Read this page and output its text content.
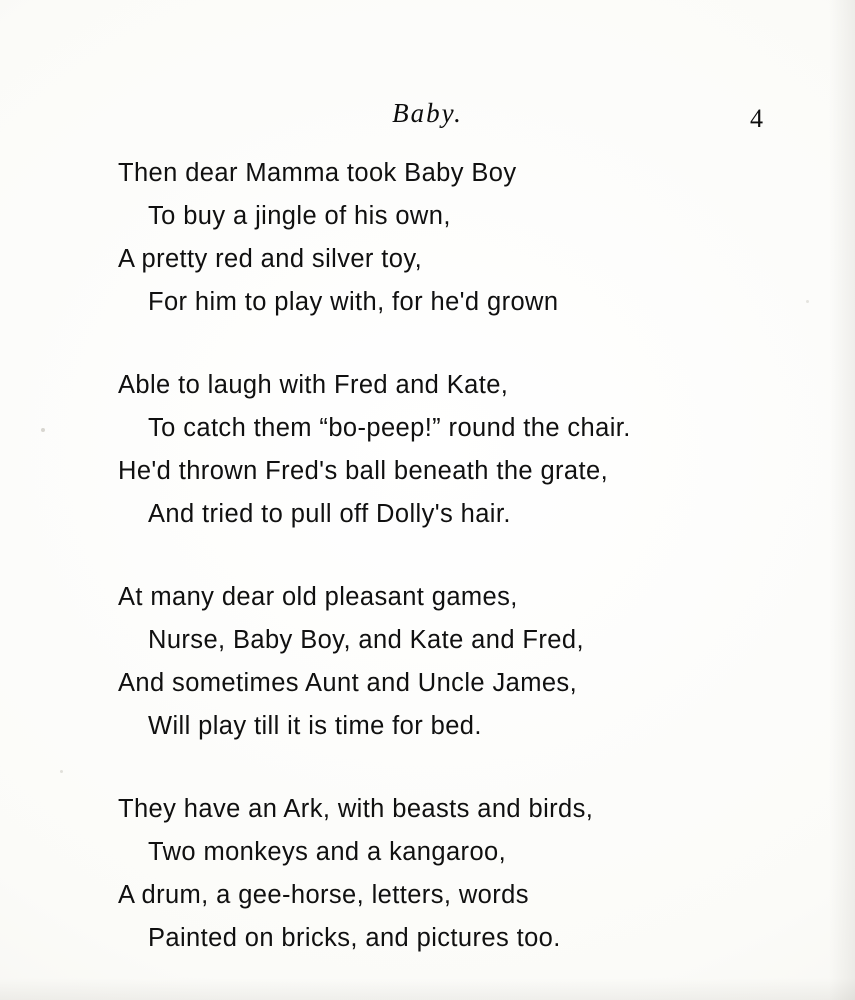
Baby.	4
Then dear Mamma took Baby Boy
To buy a jingle of his own,
A pretty red and silver toy,
For him to play with, for he'd grown
Able to laugh with Fred and Kate,
To catch them “bo-peep!” round the chair.
He'd thrown Fred's ball beneath the grate,
And tried to pull off Dolly's hair.
At many dear old pleasant games,
Nurse, Baby Boy, and Kate and Fred,
And sometimes Aunt and Uncle James,
Will play till it is time for bed.
They have an Ark, with beasts and birds,
Two monkeys and a kangaroo,
A drum, a gee-horse, letters, words
Painted on bricks, and pictures too.
